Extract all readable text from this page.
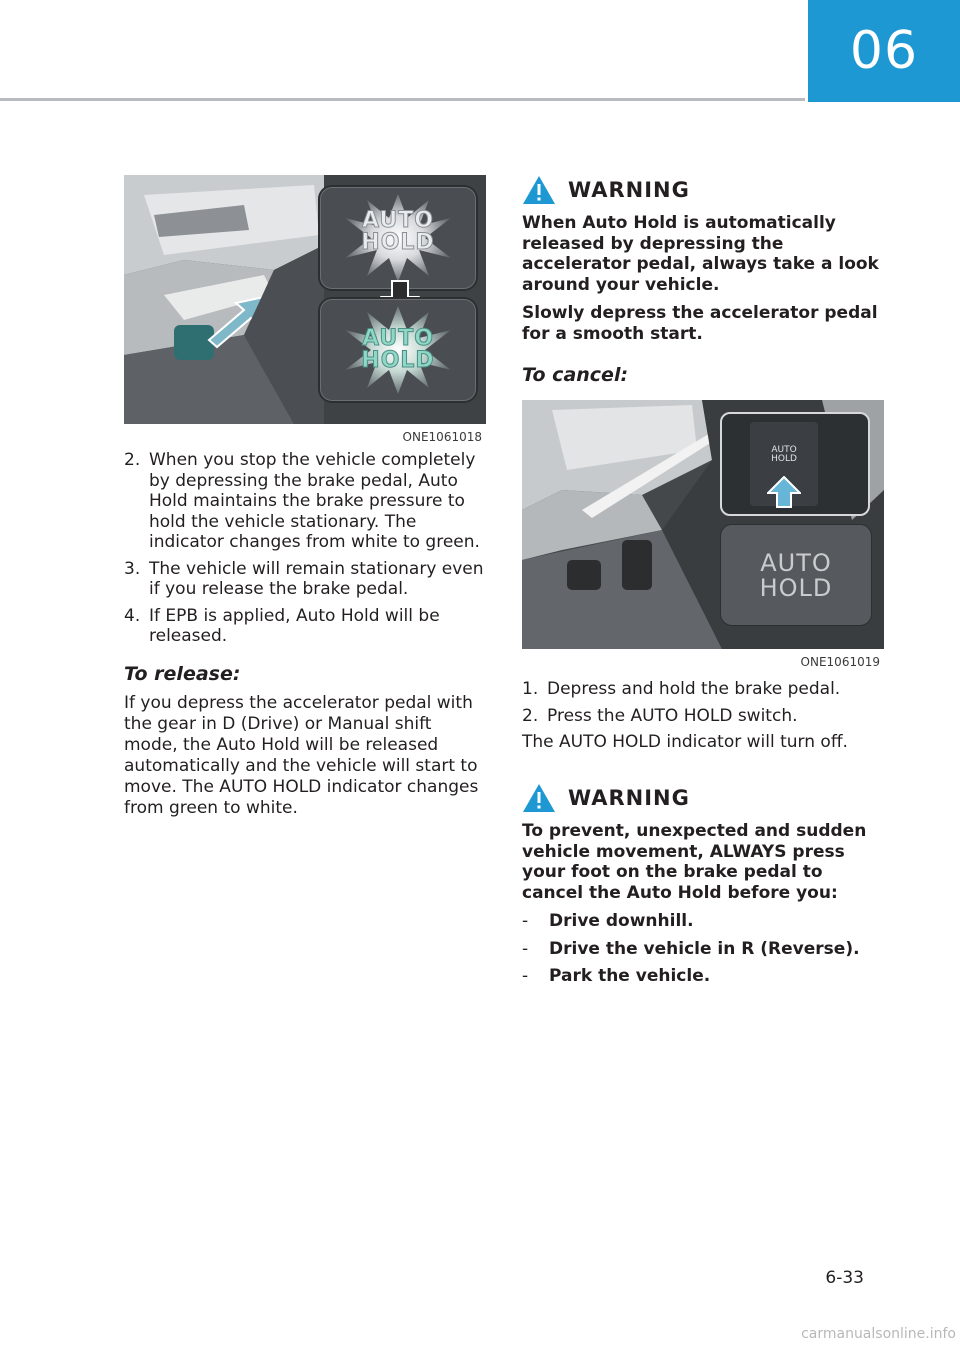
06
AUTO
HOLD
AUTO
HOLD
ONE1061018
2. When you stop the vehicle completely by depressing the brake pedal, Auto Hold maintains the brake pressure to hold the vehicle stationary. The indicator changes from white to green.
3. The vehicle will remain stationary even if you release the brake pedal.
4. If EPB is applied, Auto Hold will be released.
To release:

If you depress the accelerator pedal with the gear in D (Drive) or Manual shift mode, the Auto Hold will be released automatically and the vehicle will start to move. The AUTO HOLD indicator changes from green to white.

WARNING

When Auto Hold is automatically released by depressing the accelerator pedal, always take a look around your vehicle.

Slowly depress the accelerator pedal for a smooth start.

To cancel:
AUTO
HOLD
AUTO
HOLD
ONE1061019
1. Depress and hold the brake pedal.
2. Press the AUTO HOLD switch.

The AUTO HOLD indicator will turn off.

WARNING

To prevent, unexpected and sudden vehicle movement, ALWAYS press your foot on the brake pedal to cancel the Auto Hold before you:

-	Drive downhill.
-	Drive the vehicle in R (Reverse).
-	Park the vehicle.
6-33
carmanualsonline.info
